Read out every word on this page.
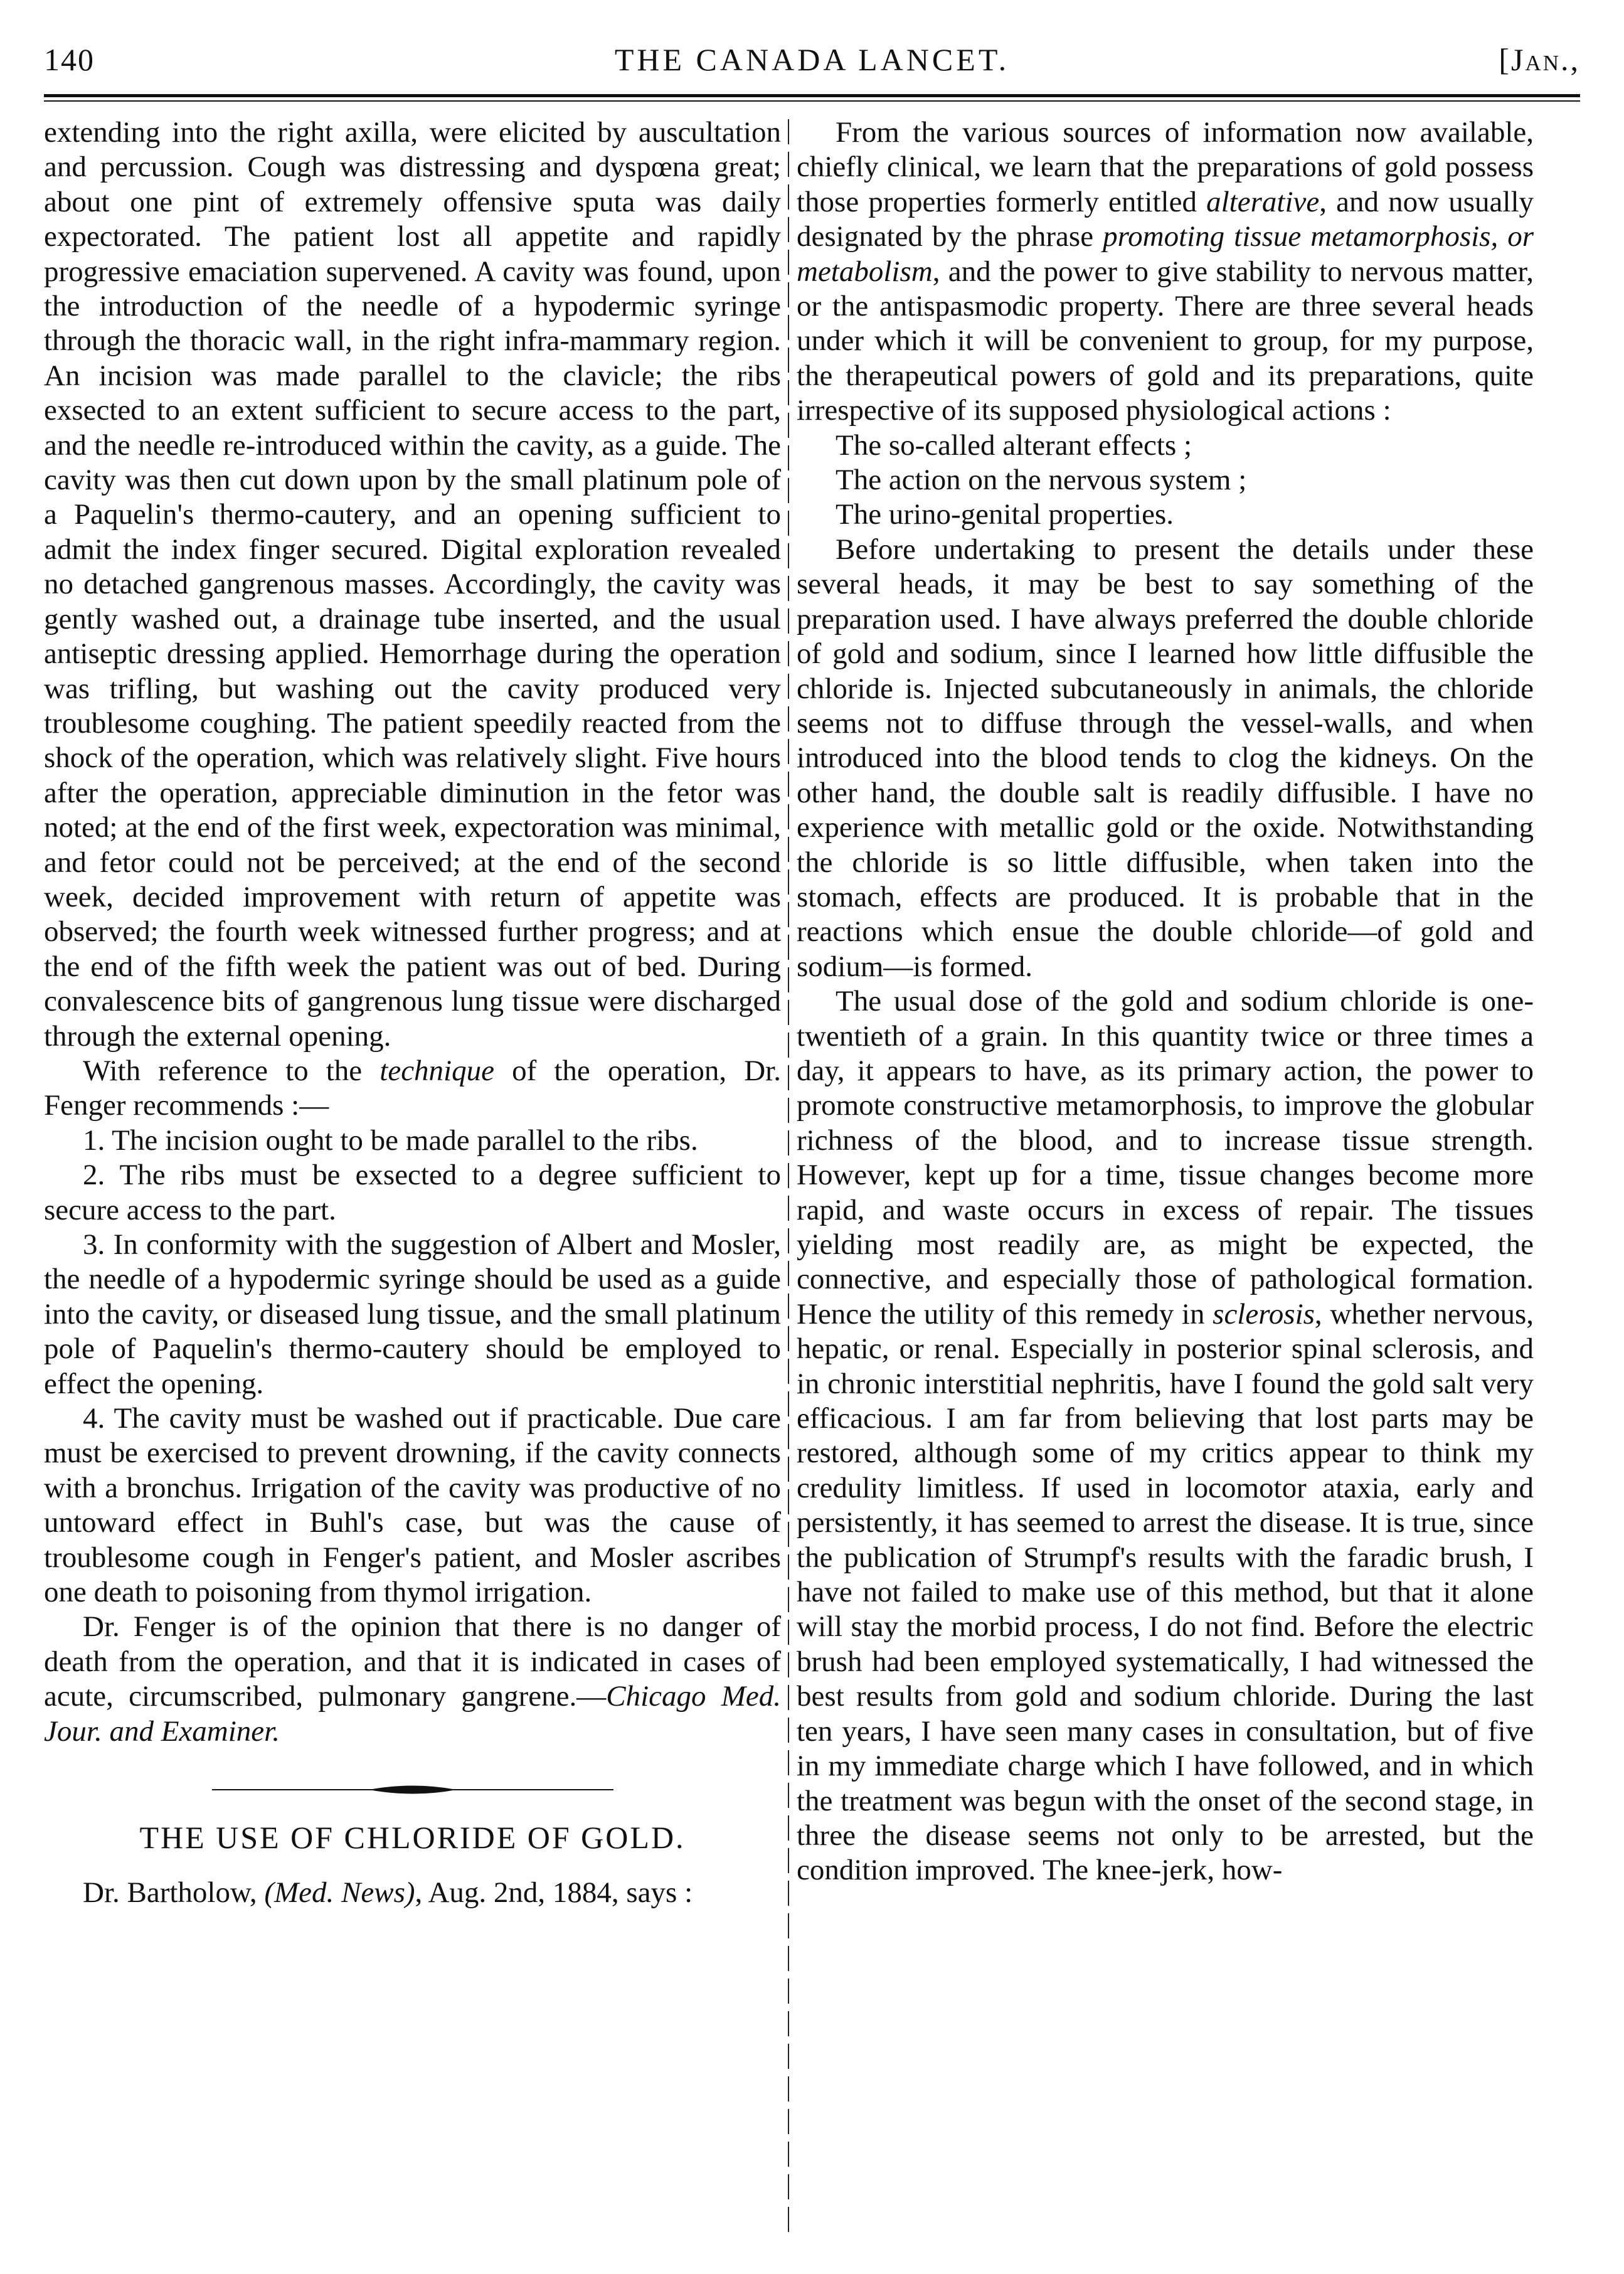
140	THE CANADA LANCET.	[Jan.,

extending into the right axilla, were elicited by auscultation and percussion. Cough was distressing and dyspœna great; about one pint of extremely offensive sputa was daily expectorated. The patient lost all appetite and rapidly progressive emaciation supervened. A cavity was found, upon the introduction of the needle of a hypodermic syringe through the thoracic wall, in the right infra-mammary region. An incision was made parallel to the clavicle; the ribs exsected to an extent sufficient to secure access to the part, and the needle re-introduced within the cavity, as a guide. The cavity was then cut down upon by the small platinum pole of a Paquelin's thermo-cautery, and an opening sufficient to admit the index finger secured. Digital exploration revealed no detached gangrenous masses. Accordingly, the cavity was gently washed out, a drainage tube inserted, and the usual antiseptic dressing applied. Hemorrhage during the operation was trifling, but washing out the cavity produced very troublesome coughing. The patient speedily reacted from the shock of the operation, which was relatively slight. Five hours after the operation, appreciable diminution in the fetor was noted; at the end of the first week, expectoration was minimal, and fetor could not be perceived; at the end of the second week, decided improvement with return of appetite was observed; the fourth week witnessed further progress; and at the end of the fifth week the patient was out of bed. During convalescence bits of gangrenous lung tissue were discharged through the external opening.

With reference to the technique of the operation, Dr. Fenger recommends :—

1. The incision ought to be made parallel to the ribs.

2. The ribs must be exsected to a degree sufficient to secure access to the part.

3. In conformity with the suggestion of Albert and Mosler, the needle of a hypodermic syringe should be used as a guide into the cavity, or diseased lung tissue, and the small platinum pole of Paquelin's thermo-cautery should be employed to effect the opening.

4. The cavity must be washed out if practicable. Due care must be exercised to prevent drowning, if the cavity connects with a bronchus. Irrigation of the cavity was productive of no untoward effect in Buhl's case, but was the cause of troublesome cough in Fenger's patient, and Mosler ascribes one death to poisoning from thymol irrigation.

Dr. Fenger is of the opinion that there is no danger of death from the operation, and that it is indicated in cases of acute, circumscribed, pulmonary gangrene.—Chicago Med. Jour. and Examiner.

THE USE OF CHLORIDE OF GOLD.

Dr. Bartholow, (Med. News), Aug. 2nd, 1884, says :

From the various sources of information now available, chiefly clinical, we learn that the preparations of gold possess those properties formerly entitled alterative, and now usually designated by the phrase promoting tissue metamorphosis, or metabolism, and the power to give stability to nervous matter, or the antispasmodic property. There are three several heads under which it will be convenient to group, for my purpose, the therapeutical powers of gold and its preparations, quite irrespective of its supposed physiological actions :

The so-called alterant effects ;

The action on the nervous system ;

The urino-genital properties.

Before undertaking to present the details under these several heads, it may be best to say something of the preparation used. I have always preferred the double chloride of gold and sodium, since I learned how little diffusible the chloride is. Injected subcutaneously in animals, the chloride seems not to diffuse through the vessel-walls, and when introduced into the blood tends to clog the kidneys. On the other hand, the double salt is readily diffusible. I have no experience with metallic gold or the oxide. Notwithstanding the chloride is so little diffusible, when taken into the stomach, effects are produced. It is probable that in the reactions which ensue the double chloride—of gold and sodium—is formed.

The usual dose of the gold and sodium chloride is one-twentieth of a grain. In this quantity twice or three times a day, it appears to have, as its primary action, the power to promote constructive metamorphosis, to improve the globular richness of the blood, and to increase tissue strength. However, kept up for a time, tissue changes become more rapid, and waste occurs in excess of repair. The tissues yielding most readily are, as might be expected, the connective, and especially those of pathological formation. Hence the utility of this remedy in sclerosis, whether nervous, hepatic, or renal. Especially in posterior spinal sclerosis, and in chronic interstitial nephritis, have I found the gold salt very efficacious. I am far from believing that lost parts may be restored, although some of my critics appear to think my credulity limitless. If used in locomotor ataxia, early and persistently, it has seemed to arrest the disease. It is true, since the publication of Strumpf's results with the faradic brush, I have not failed to make use of this method, but that it alone will stay the morbid process, I do not find. Before the electric brush had been employed systematically, I had witnessed the best results from gold and sodium chloride. During the last ten years, I have seen many cases in consultation, but of five in my immediate charge which I have followed, and in which the treatment was begun with the onset of the second stage, in three the disease seems not only to be arrested, but the condition improved. The knee-jerk, how-
